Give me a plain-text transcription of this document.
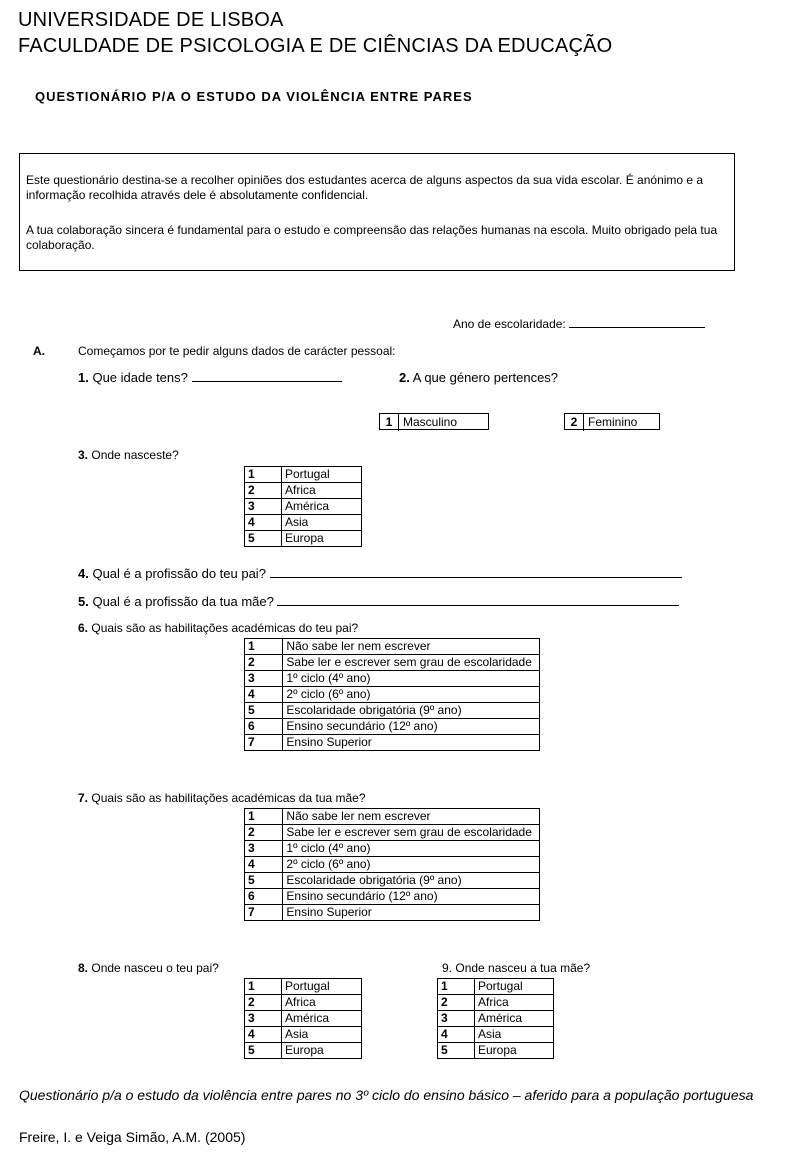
UNIVERSIDADE DE LISBOA
FACULDADE DE PSICOLOGIA E DE CIÊNCIAS DA EDUCAÇÃO
QUESTIONÁRIO P/A O ESTUDO DA VIOLÊNCIA ENTRE PARES

Este questionário destina-se a recolher opiniões dos estudantes acerca de alguns aspectos da sua vida escolar. É anónimo e a informação recolhida através dele é absolutamente confidencial.

A tua colaboração sincera é fundamental para o estudo e compreensão das relações humanas na escola. Muito obrigado pela tua colaboração.

Ano de escolaridade:
A.	Começamos por te pedir alguns dados de carácter pessoal:
1. Que idade tens?	2. A que género pertences?
1 Masculino	2 Feminino
3. Onde nasceste?
1	Portugal
2	Africa
3	América
4	Asia
5	Europa
4. Qual é a profissão do teu pai?
5. Qual é a profissão da tua mãe?
6. Quais são as habilitações académicas do teu pai?
1	Não sabe ler nem escrever
2	Sabe ler e escrever sem grau de escolaridade
3	1º ciclo (4º ano)
4	2º ciclo (6º ano)
5	Escolaridade obrigatória (9º ano)
6	Ensino secundário (12º ano)
7	Ensino Superior
7. Quais são as habilitações académicas da tua mãe?
1	Não sabe ler nem escrever
2	Sabe ler e escrever sem grau de escolaridade
3	1º ciclo (4º ano)
4	2º ciclo (6º ano)
5	Escolaridade obrigatória (9º ano)
6	Ensino secundário (12º ano)
7	Ensino Superior
8. Onde nasceu o teu pai?
1	Portugal
2	Africa
3	América
4	Asia
5	Europa
9. Onde nasceu a tua mãe?
1	Portugal
2	Africa
3	América
4	Asia
5	Europa
Questionário p/a o estudo da violência entre pares no 3º ciclo do ensino básico – aferido para a população portuguesa
Freire, I. e Veiga Simão, A.M. (2005)
